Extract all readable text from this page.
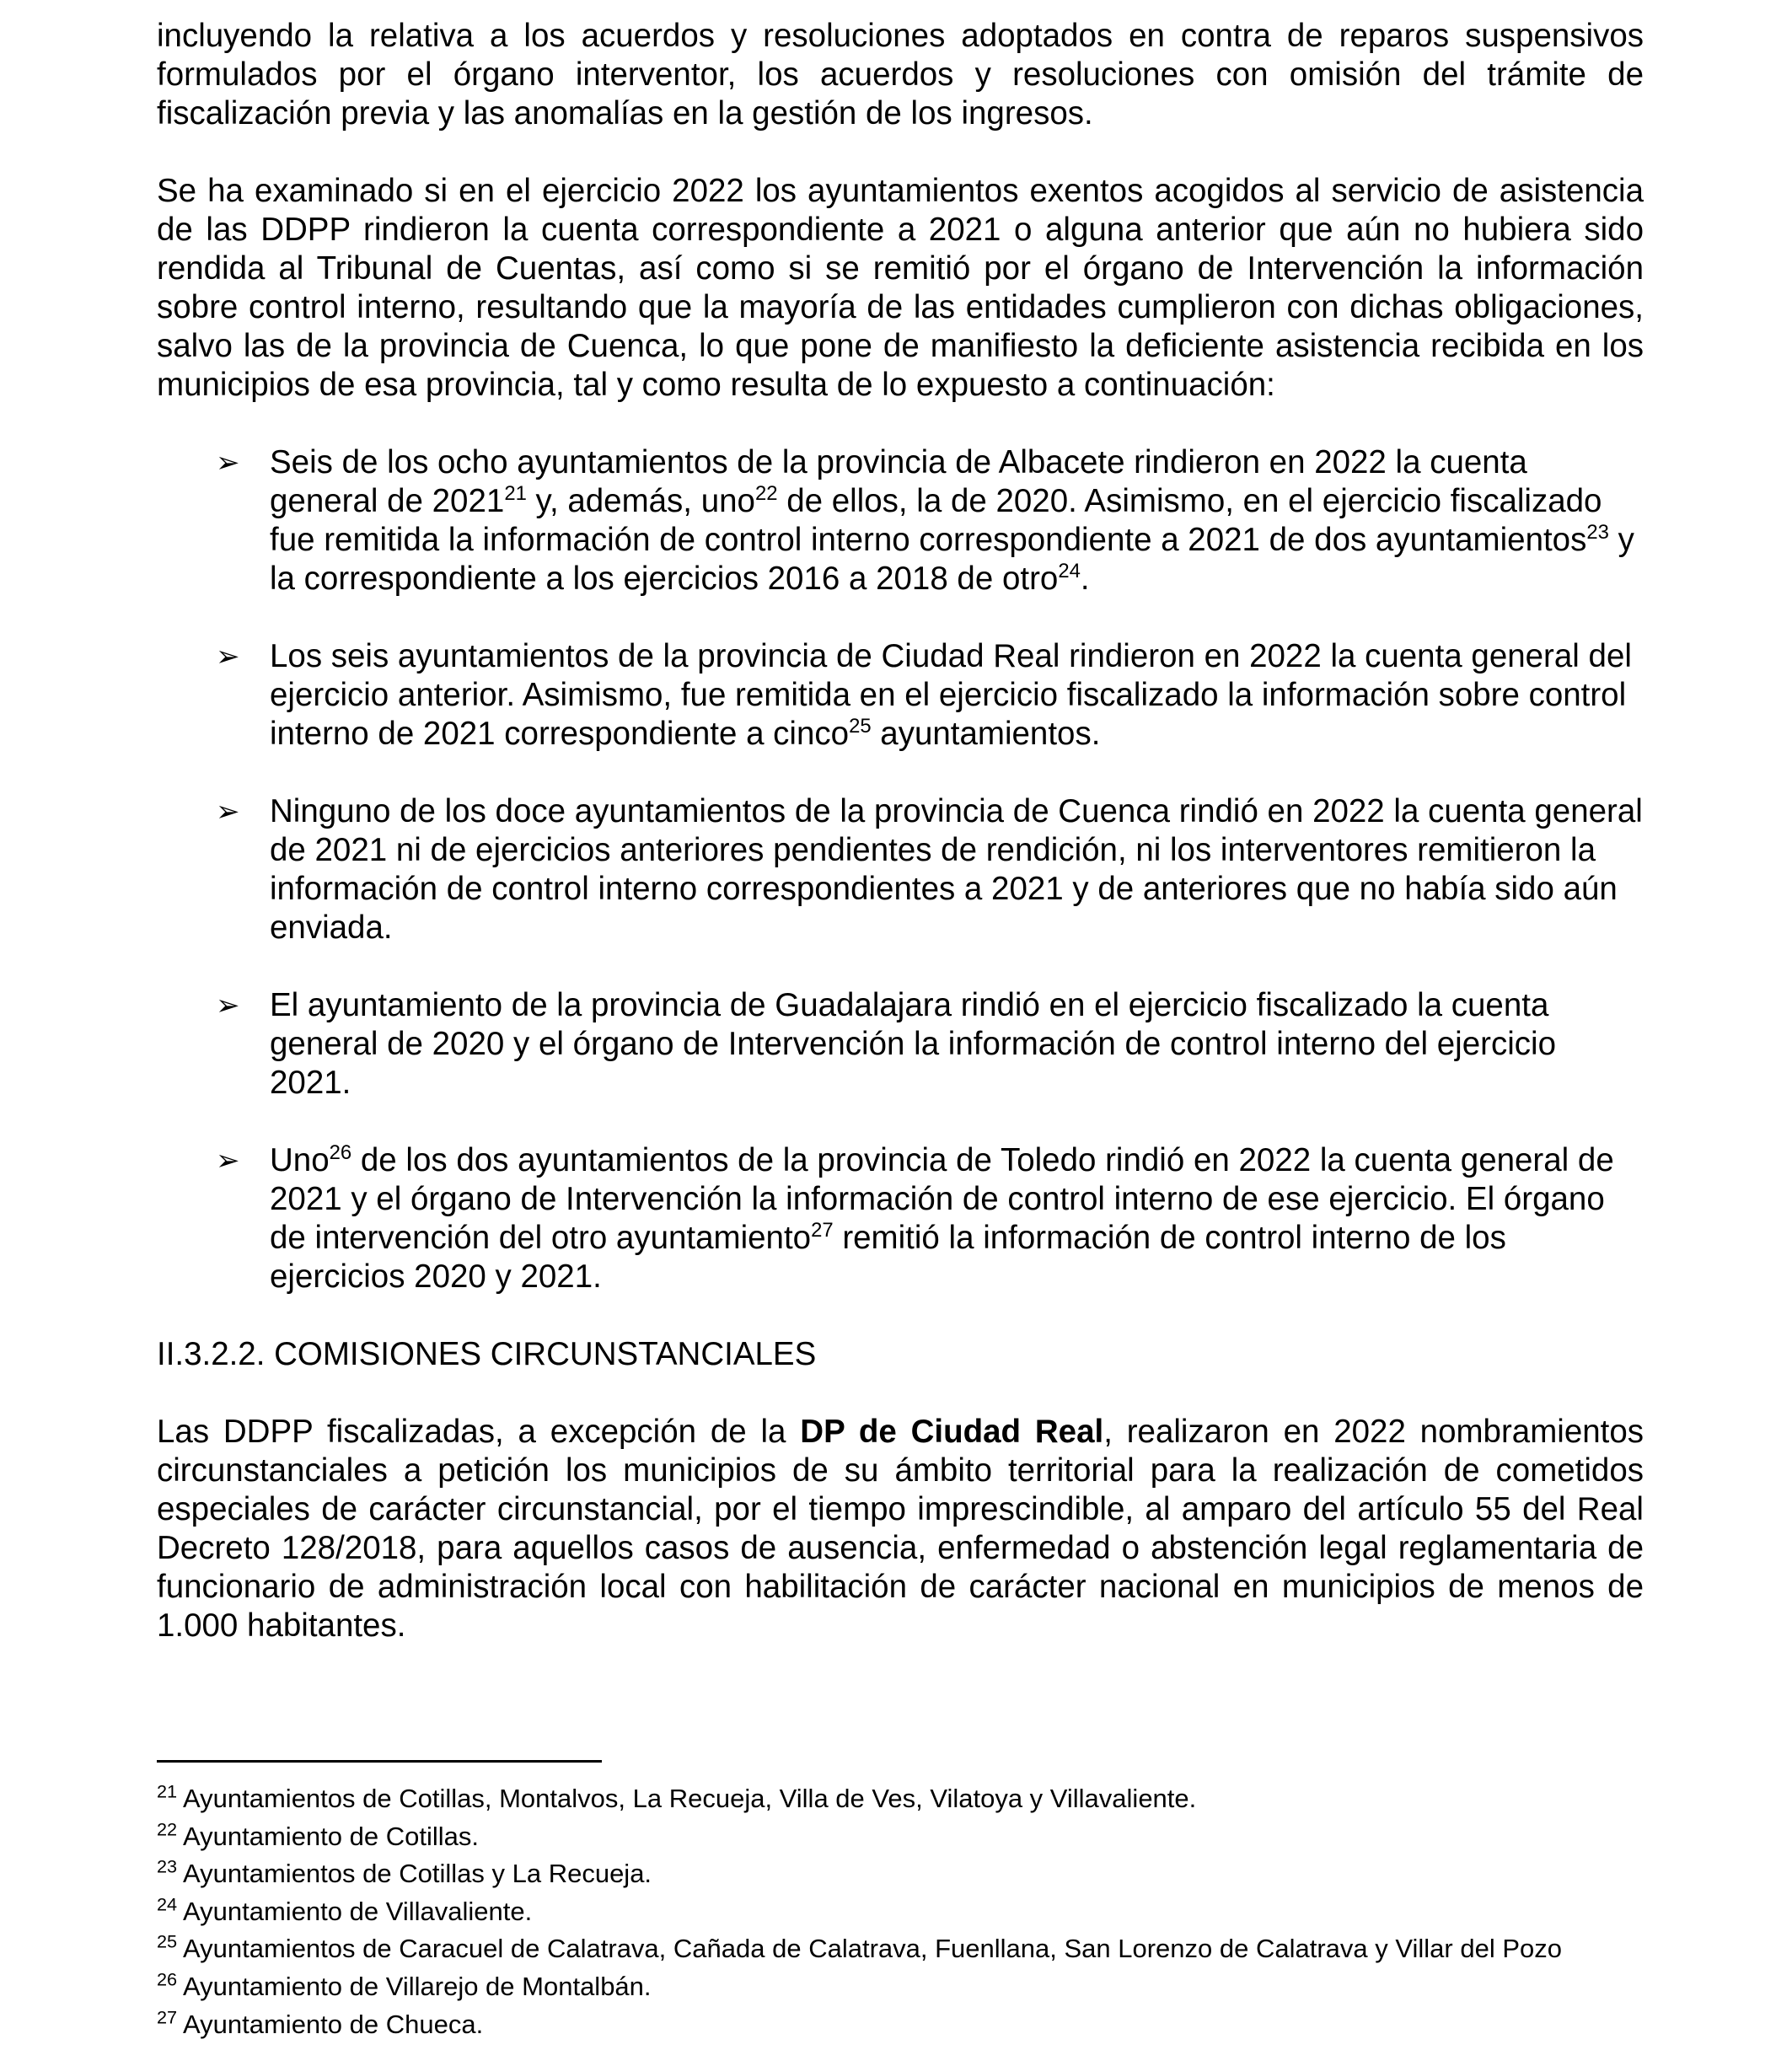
incluyendo la relativa a los acuerdos y resoluciones adoptados en contra de reparos suspensivos formulados por el órgano interventor, los acuerdos y resoluciones con omisión del trámite de fiscalización previa y las anomalías en la gestión de los ingresos.

Se ha examinado si en el ejercicio 2022 los ayuntamientos exentos acogidos al servicio de asistencia de las DDPP rindieron la cuenta correspondiente a 2021 o alguna anterior que aún no hubiera sido rendida al Tribunal de Cuentas, así como si se remitió por el órgano de Intervención la información sobre control interno, resultando que la mayoría de las entidades cumplieron con dichas obligaciones, salvo las de la provincia de Cuenca, lo que pone de manifiesto la deficiente asistencia recibida en los municipios de esa provincia, tal y como resulta de lo expuesto a continuación:

➢ Seis de los ocho ayuntamientos de la provincia de Albacete rindieron en 2022 la cuenta general de 2021$^{21}$ y, además, uno$^{22}$ de ellos, la de 2020. Asimismo, en el ejercicio fiscalizado fue remitida la información de control interno correspondiente a 2021 de dos ayuntamientos$^{23}$ y la correspondiente a los ejercicios 2016 a 2018 de otro$^{24}$.
➢ Los seis ayuntamientos de la provincia de Ciudad Real rindieron en 2022 la cuenta general del ejercicio anterior. Asimismo, fue remitida en el ejercicio fiscalizado la información sobre control interno de 2021 correspondiente a cinco$^{25}$ ayuntamientos.
➢ Ninguno de los doce ayuntamientos de la provincia de Cuenca rindió en 2022 la cuenta general de 2021 ni de ejercicios anteriores pendientes de rendición, ni los interventores remitieron la información de control interno correspondientes a 2021 y de anteriores que no había sido aún enviada.
➢ El ayuntamiento de la provincia de Guadalajara rindió en el ejercicio fiscalizado la cuenta general de 2020 y el órgano de Intervención la información de control interno del ejercicio 2021.
➢ Uno$^{26}$ de los dos ayuntamientos de la provincia de Toledo rindió en 2022 la cuenta general de 2021 y el órgano de Intervención la información de control interno de ese ejercicio. El órgano de intervención del otro ayuntamiento$^{27}$ remitió la información de control interno de los ejercicios 2020 y 2021.

II.3.2.2. COMISIONES CIRCUNSTANCIALES

Las DDPP fiscalizadas, a excepción de la DP de Ciudad Real, realizaron en 2022 nombramientos circunstanciales a petición los municipios de su ámbito territorial para la realización de cometidos especiales de carácter circunstancial, por el tiempo imprescindible, al amparo del artículo 55 del Real Decreto 128/2018, para aquellos casos de ausencia, enfermedad o abstención legal reglamentaria de funcionario de administración local con habilitación de carácter nacional en municipios de menos de 1.000 habitantes.

$^{21}$ Ayuntamientos de Cotillas, Montalvos, La Recueja, Villa de Ves, Vilatoya y Villavaliente.
$^{22}$ Ayuntamiento de Cotillas.
$^{23}$ Ayuntamientos de Cotillas y La Recueja.
$^{24}$ Ayuntamiento de Villavaliente.
$^{25}$ Ayuntamientos de Caracuel de Calatrava, Cañada de Calatrava, Fuenllana, San Lorenzo de Calatrava y Villar del Pozo
$^{26}$ Ayuntamiento de Villarejo de Montalbán.
$^{27}$ Ayuntamiento de Chueca.
